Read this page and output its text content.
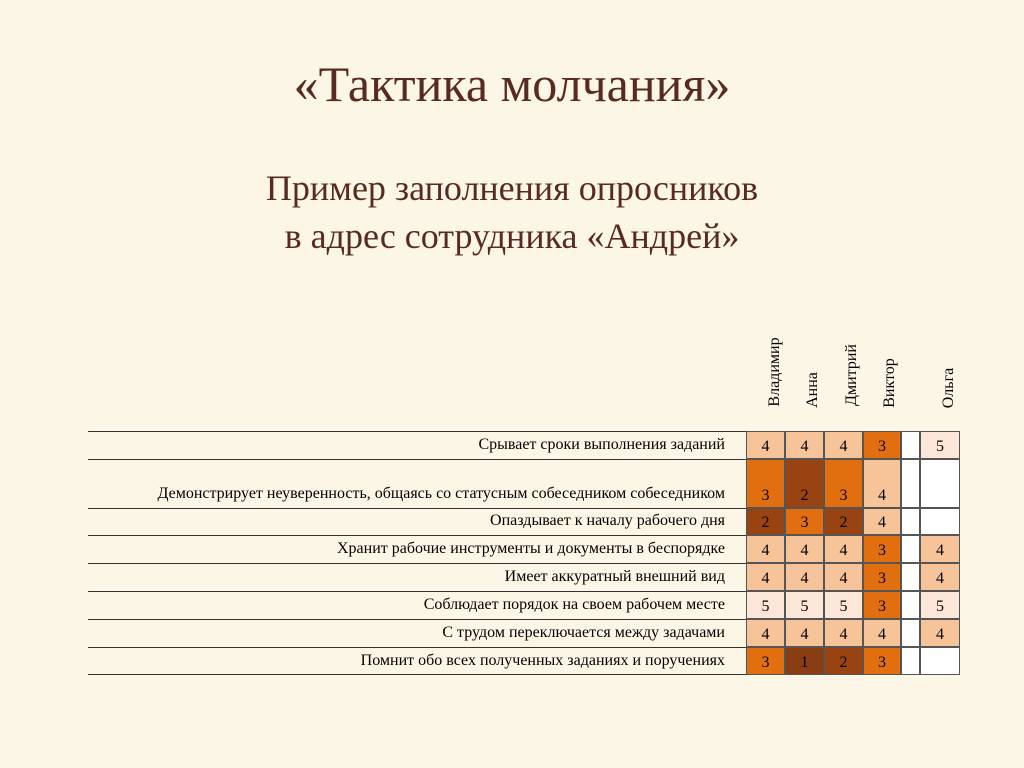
«Тактика молчания»
Пример заполнения опросников
в адрес сотрудника «Андрей»
Владимир Анна Дмитрий Виктор	Ольга
Срывает сроки выполнения заданий	4	4	4	3	5
Демонстрирует неуверенность, общаясь со статусным собеседником собеседником	3	2	3	4
Опаздывает к началу рабочего дня	2	3	2	4
Хранит рабочие инструменты и документы в беспорядке	4	4	4	3	4
Имеет аккуратный внешний вид	4	4	4	3	4
Соблюдает порядок на своем рабочем месте	5	5	5	3	5
С трудом переключается между задачами	4	4	4	4	4
Помнит обо всех полученных заданиях и поручениях	3	1	2	3
